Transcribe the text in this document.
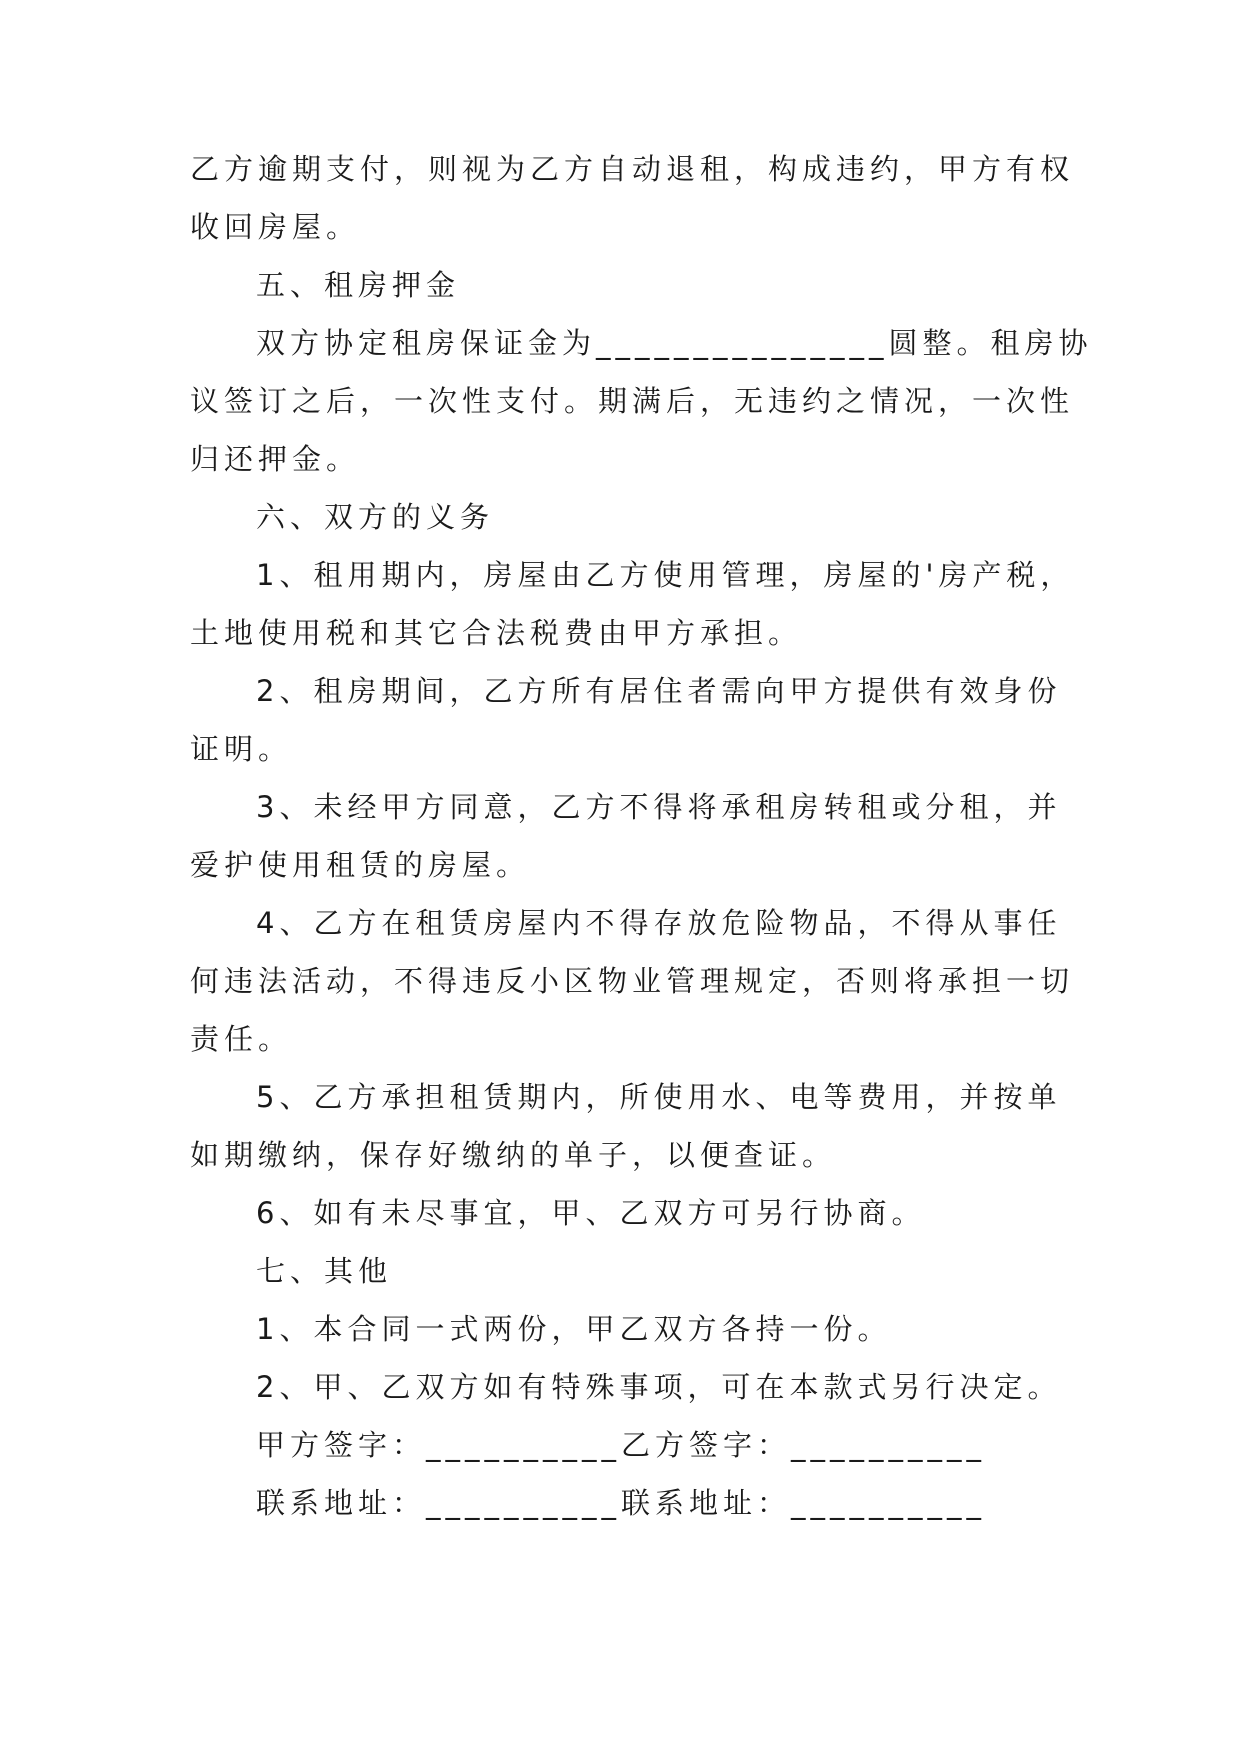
乙方逾期支付，则视为乙方自动退租，构成违约，甲方有权

收回房屋。

五、租房押金

双方协定租房保证金为_______________圆整。租房协

议签订之后，一次性支付。期满后，无违约之情况，一次性

归还押金。

六、双方的义务

1、租用期内，房屋由乙方使用管理，房屋的'房产税，

土地使用税和其它合法税费由甲方承担。

2、租房期间，乙方所有居住者需向甲方提供有效身份

证明。

3、未经甲方同意，乙方不得将承租房转租或分租，并

爱护使用租赁的房屋。

4、乙方在租赁房屋内不得存放危险物品，不得从事任

何违法活动，不得违反小区物业管理规定，否则将承担一切

责任。

5、乙方承担租赁期内，所使用水、电等费用，并按单

如期缴纳，保存好缴纳的单子，以便查证。

6、如有未尽事宜，甲、乙双方可另行协商。

七、其他

1、本合同一式两份，甲乙双方各持一份。

2、甲、乙双方如有特殊事项，可在本款式另行决定。

甲方签字：__________乙方签字：__________

联系地址：__________联系地址：__________
